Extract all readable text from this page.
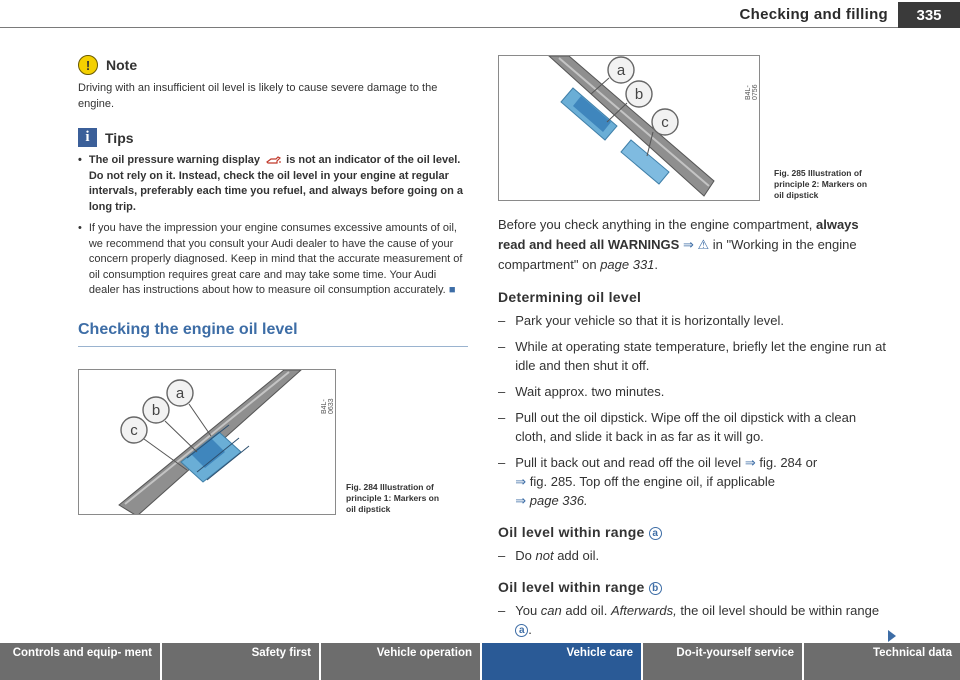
Checking and filling	335
!	Note

Driving with an insufficient oil level is likely to cause severe damage to the engine.

i	Tips
• The oil pressure warning display is not an indicator of the oil level. Do not rely on it. Instead, check the oil level in your engine at regular intervals, preferably each time you refuel, and always before going on a long trip.
• If you have the impression your engine consumes excessive amounts of oil, we recommend that you consult your Audi dealer to have the cause of your concern properly diagnosed. Keep in mind that the accurate measurement of oil consumption requires great care and may take some time. Your Audi dealer has instructions about how to measure oil consumption accurately. ■
Checking the engine oil level
a
b
c
B4L-0633
Fig. 284 Illustration of
principle 1: Markers on
oil dipstick
a
b
c
B4L-0756
Fig. 285 Illustration of
principle 2: Markers on
oil dipstick

Before you check anything in the engine compartment, always read and heed all WARNINGS ⇒ ⚠ in "Working in the engine compartment" on page 331.

Determining oil level
– Park your vehicle so that it is horizontally level.
– While at operating state temperature, briefly let the engine run at idle and then shut it off.
– Wait approx. two minutes.
– Pull out the oil dipstick. Wipe off the oil dipstick with a clean cloth, and slide it back in as far as it will go.
– Pull it back out and read off the oil level ⇒ fig. 284 or
⇒ fig. 285. Top off the engine oil, if applicable
⇒ page 336.
Oil level within range a
– Do not add oil.
Oil level within range b
– You can add oil. Afterwards, the oil level should be within range a .
Controls and equip- ment	Safety first	Vehicle operation	Vehicle care	Do-it-yourself service	Technical data
